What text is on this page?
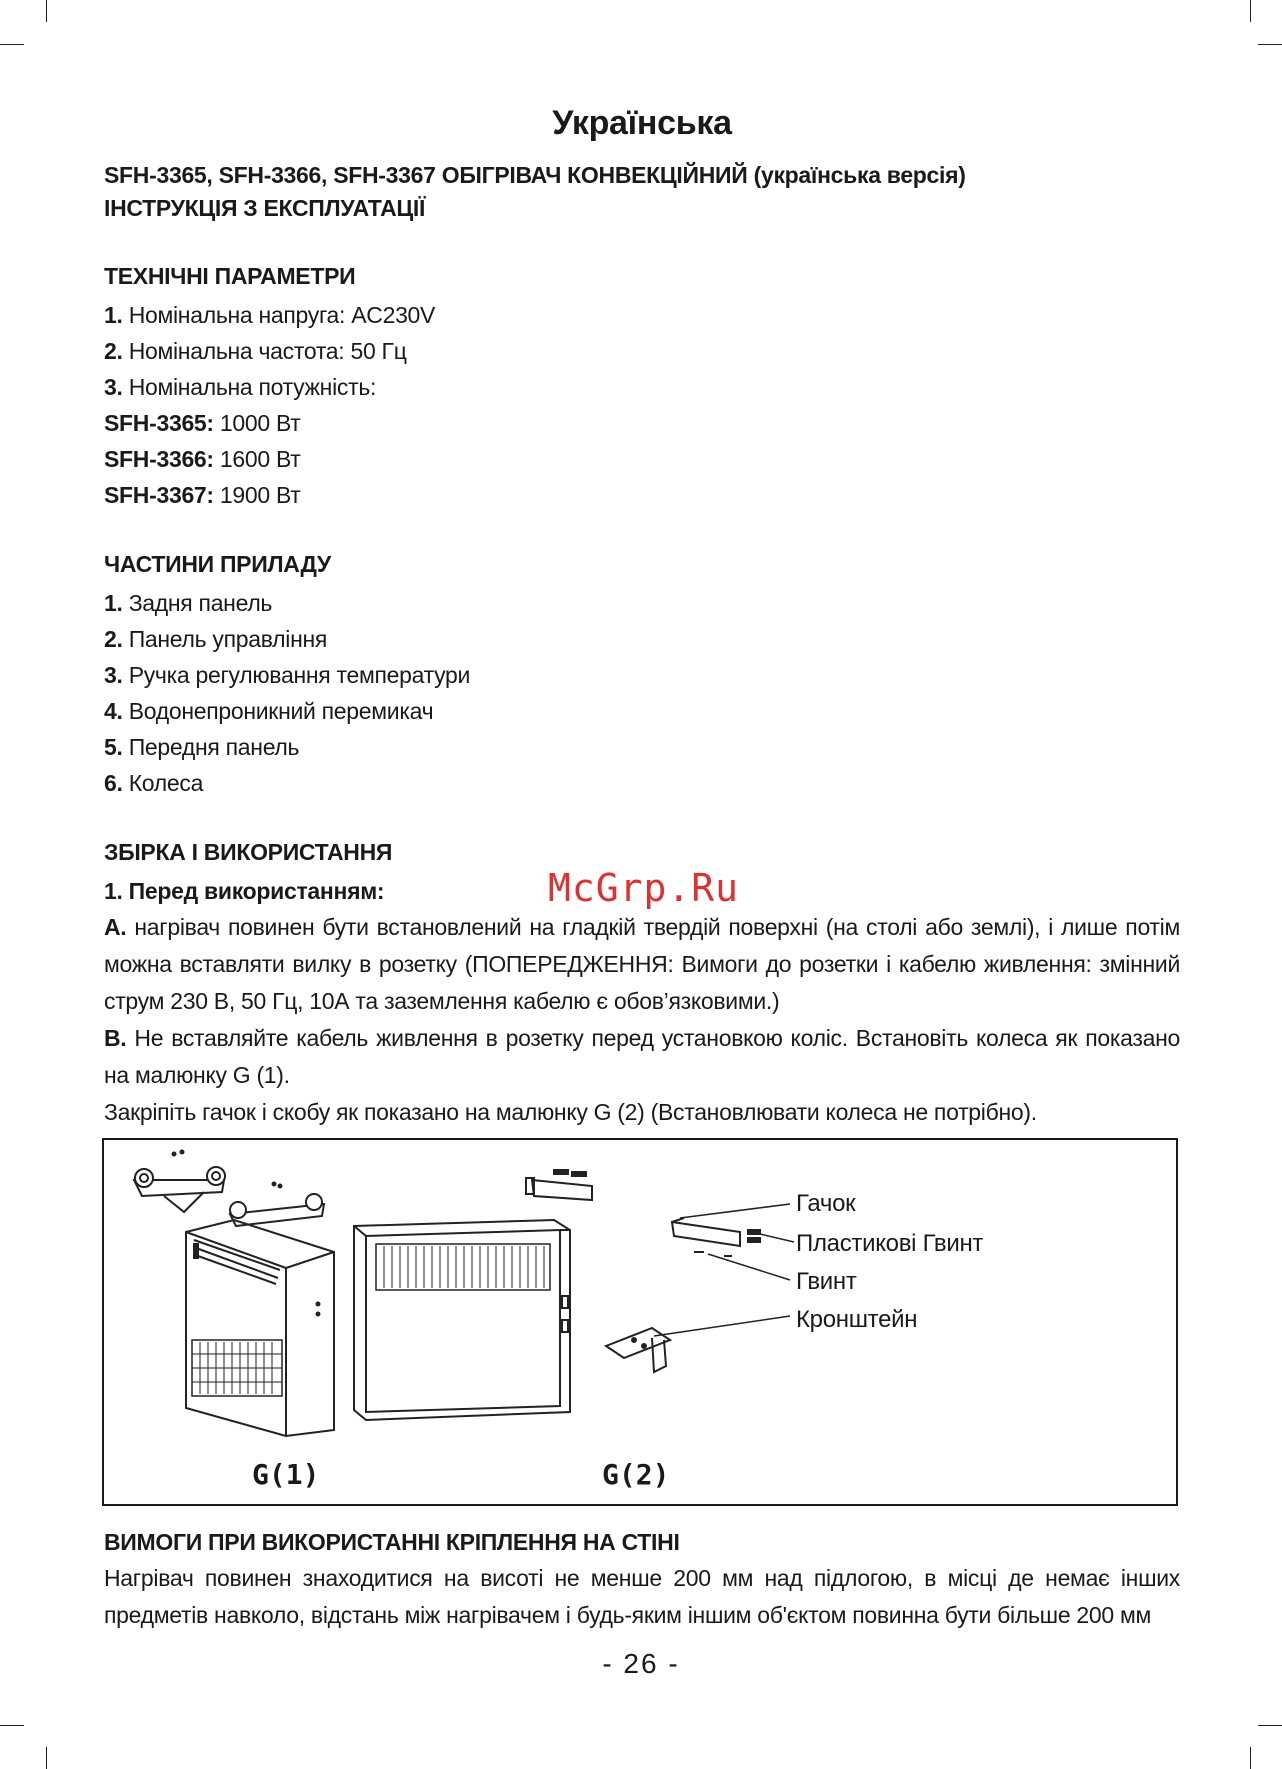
Українська
SFH-3365, SFH-3366, SFH-3367 ОБІГРІВАЧ КОНВЕКЦІЙНИЙ (українська версія)
ІНСТРУКЦІЯ З ЕКСПЛУАТАЦІЇ
ТЕХНІЧНІ ПАРАМЕТРИ
1. Номінальна напруга: AC230V
2. Номінальна частота: 50 Гц
3. Номінальна потужність:
SFH-3365: 1000 Вт
SFH-3366: 1600 Вт
SFH-3367: 1900 Вт
ЧАСТИНИ ПРИЛАДУ
1. Задня панель
2. Панель управління
3. Ручка регулювання температури
4. Водонепроникний перемикач
5. Передня панель
6. Колеса
ЗБІРКА І ВИКОРИСТАННЯ
1. Перед використанням:
A. нагрівач повинен бути встановлений на гладкій твердій поверхні (на столі або землі), і лише потім можна вставляти вилку в розетку (ПОПЕРЕДЖЕННЯ: Вимоги до розетки і кабелю живлення: змінний струм 230 В, 50 Гц, 10А та заземлення кабелю є обов’язковими.)
B. Не вставляйте кабель живлення в розетку перед установкою коліс. Встановіть колеса як показано на малюнку G (1).
Закріпіть гачок і скобу як показано на малюнку G (2) (Встановлювати колеса не потрібно).
McGrp.Ru
Гачок
Пластикові Гвинт
Гвинт
Кронштейн
G(1)	G(2)
ВИМОГИ ПРИ ВИКОРИСТАННІ КРІПЛЕННЯ НА СТІНІ
Нагрівач повинен знаходитися на висоті не менше 200 мм над підлогою, в місці де немає інших предметів навколо, відстань між нагрівачем і будь-яким іншим об'єктом повинна бути більше 200 мм
- 26 -
